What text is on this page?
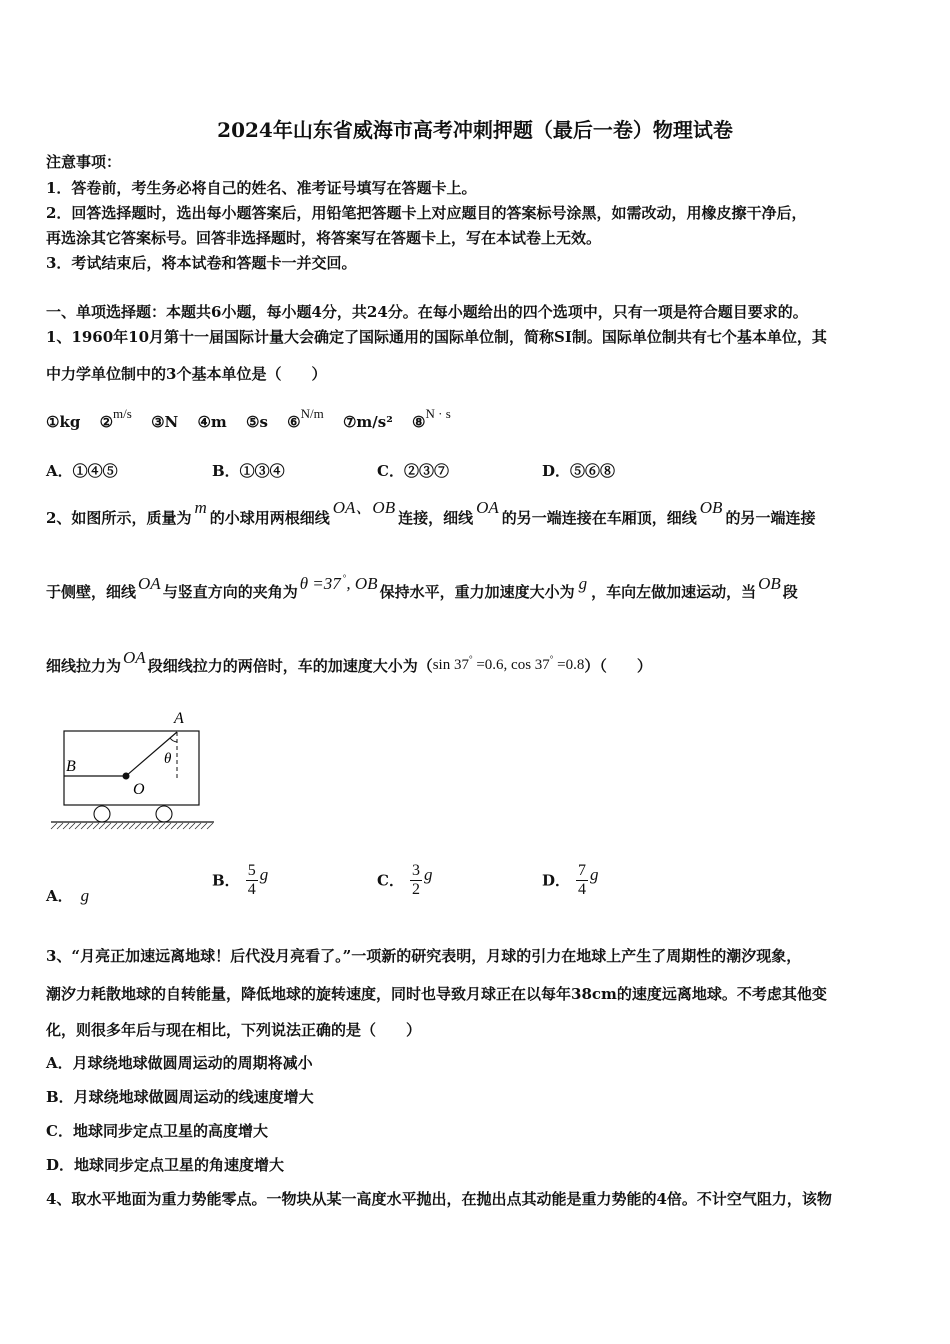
2024年山东省威海市高考冲刺押题（最后一卷）物理试卷
注意事项：
1．答卷前，考生务必将自己的姓名、准考证号填写在答题卡上。
2．回答选择题时，选出每小题答案后，用铅笔把答题卡上对应题目的答案标号涂黑，如需改动，用橡皮擦干净后，
再选涂其它答案标号。回答非选择题时，将答案写在答题卡上，写在本试卷上无效。
3．考试结束后，将本试卷和答题卡一并交回。
一、单项选择题：本题共6小题，每小题4分，共24分。在每小题给出的四个选项中，只有一项是符合题目要求的。
1、1960年10月第十一届国际计量大会确定了国际通用的国际单位制，简称SI制。国际单位制共有七个基本单位，其
中力学单位制中的3个基本单位是（　　）
①kg ②m/s ③N ④m ⑤s ⑥N/m ⑦m/s² ⑧N · s
A．①④⑤	B．①③④	C．②③⑦	D．⑤⑥⑧
2、如图所示，质量为m的小球用两根细线OA、OB连接，细线OA的另一端连接在车厢顶，细线OB的另一端连接
于侧壁，细线 OA 与竖直方向的夹角为 θ =37 °, OB 保持水平，重力加速度大小为 g ，车向左做加速运动，当 OB 段
细线拉力为 OA 段细线拉力的两倍时，车的加速度大小为（sin 37° =0.6, cos 37° =0.8）（　　）
A
B
O
θ
A． g
B． $\frac{5}{4}$ g	C． $\frac{3}{2}$ g	D． $\frac{7}{4}$ g
3、“月亮正加速远离地球！后代没月亮看了。”一项新的研究表明，月球的引力在地球上产生了周期性的潮汐现象，
潮汐力耗散地球的自转能量，降低地球的旋转速度，同时也导致月球正在以每年38cm的速度远离地球。不考虑其他变
化，则很多年后与现在相比，下列说法正确的是（　　）
A．月球绕地球做圆周运动的周期将减小
B．月球绕地球做圆周运动的线速度增大
C．地球同步定点卫星的高度增大
D．地球同步定点卫星的角速度增大
4、取水平地面为重力势能零点。一物块从某一高度水平抛出，在抛出点其动能是重力势能的4倍。不计空气阻力，该物
